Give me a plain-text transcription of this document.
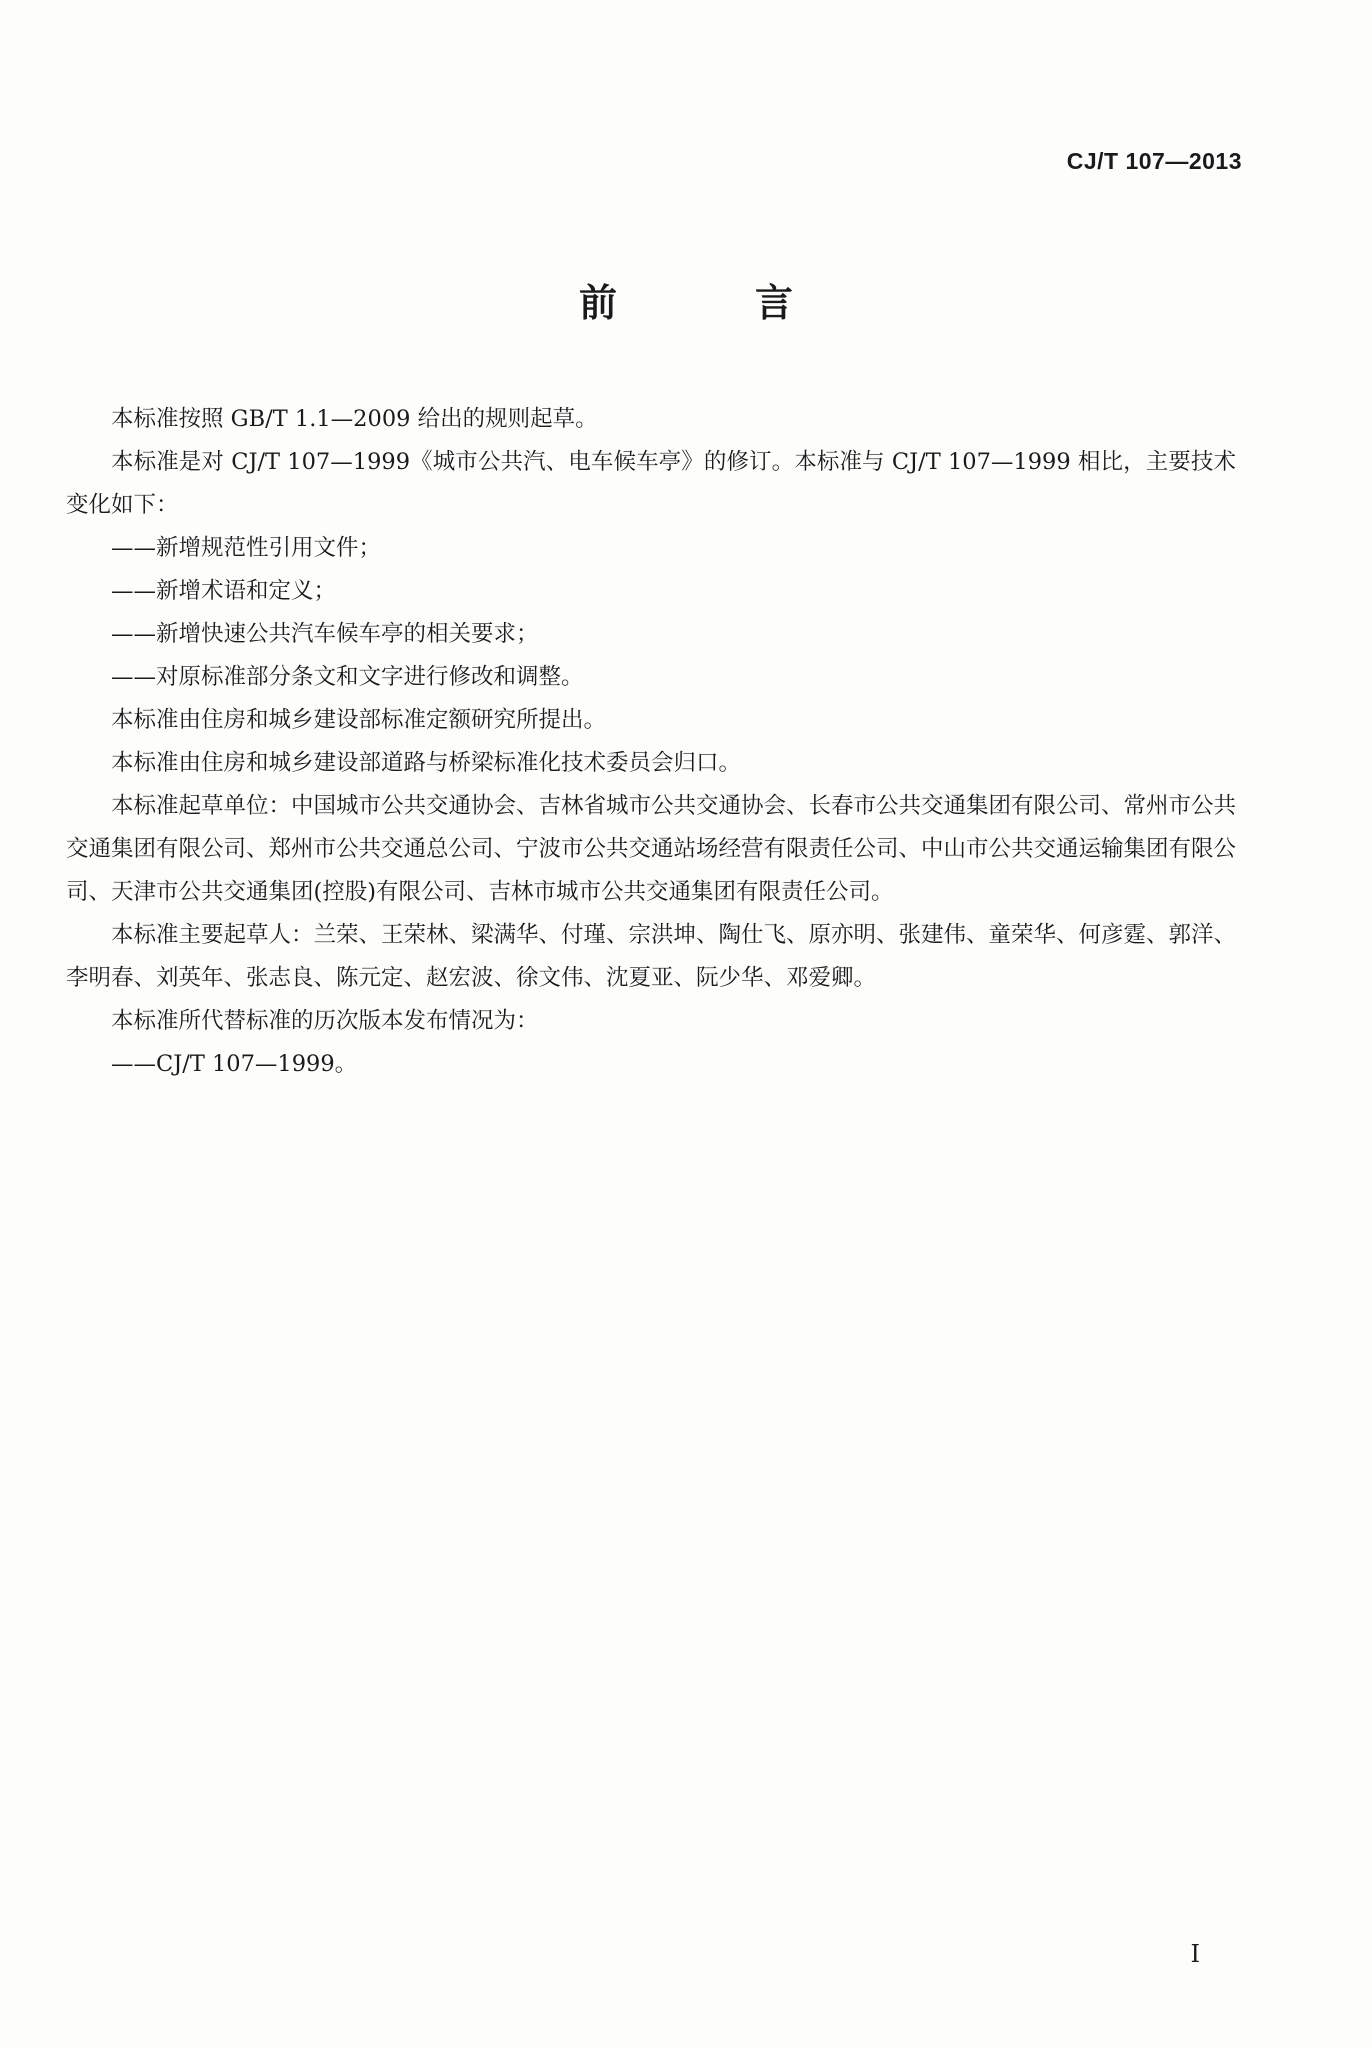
CJ/T 107—2013
前　言

本标准按照 GB/T 1.1—2009 给出的规则起草。

本标准是对 CJ/T 107—1999《城市公共汽、电车候车亭》的修订。本标准与 CJ/T 107—1999 相比，主要技术变化如下：

——新增规范性引用文件；

——新增术语和定义；

——新增快速公共汽车候车亭的相关要求；

——对原标准部分条文和文字进行修改和调整。

本标准由住房和城乡建设部标准定额研究所提出。

本标准由住房和城乡建设部道路与桥梁标准化技术委员会归口。

本标准起草单位：中国城市公共交通协会、吉林省城市公共交通协会、长春市公共交通集团有限公司、常州市公共交通集团有限公司、郑州市公共交通总公司、宁波市公共交通站场经营有限责任公司、中山市公共交通运输集团有限公司、天津市公共交通集团(控股)有限公司、吉林市城市公共交通集团有限责任公司。

本标准主要起草人：兰荣、王荣林、梁满华、付瑾、宗洪坤、陶仕飞、原亦明、张建伟、童荣华、何彦霆、郭洋、李明春、刘英年、张志良、陈元定、赵宏波、徐文伟、沈夏亚、阮少华、邓爱卿。

本标准所代替标准的历次版本发布情况为：

——CJ/T 107—1999。

I
